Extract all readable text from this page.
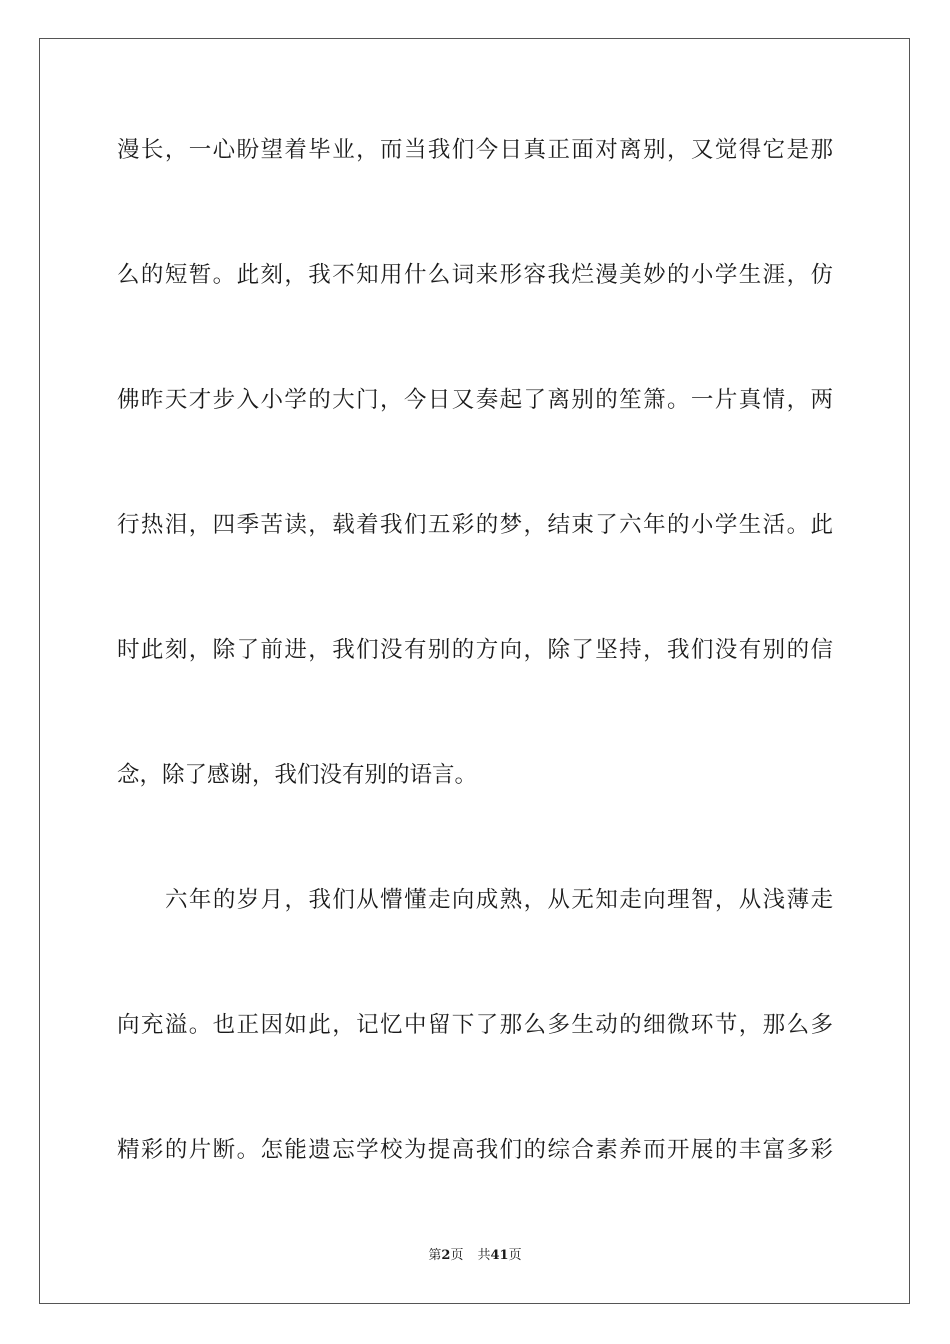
漫长，一心盼望着毕业，而当我们今日真正面对离别，又觉得它是那
么的短暂。此刻，我不知用什么词来形容我烂漫美妙的小学生涯，仿
佛昨天才步入小学的大门，今日又奏起了离别的笙箫。一片真情，两
行热泪，四季苦读，载着我们五彩的梦，结束了六年的小学生活。此
时此刻，除了前进，我们没有别的方向，除了坚持，我们没有别的信
念，除了感谢，我们没有别的语言。
六年的岁月，我们从懵懂走向成熟，从无知走向理智，从浅薄走
向充溢。也正因如此，记忆中留下了那么多生动的细微环节，那么多
精彩的片断。怎能遗忘学校为提高我们的综合素养而开展的丰富多彩
第2页 共41页
